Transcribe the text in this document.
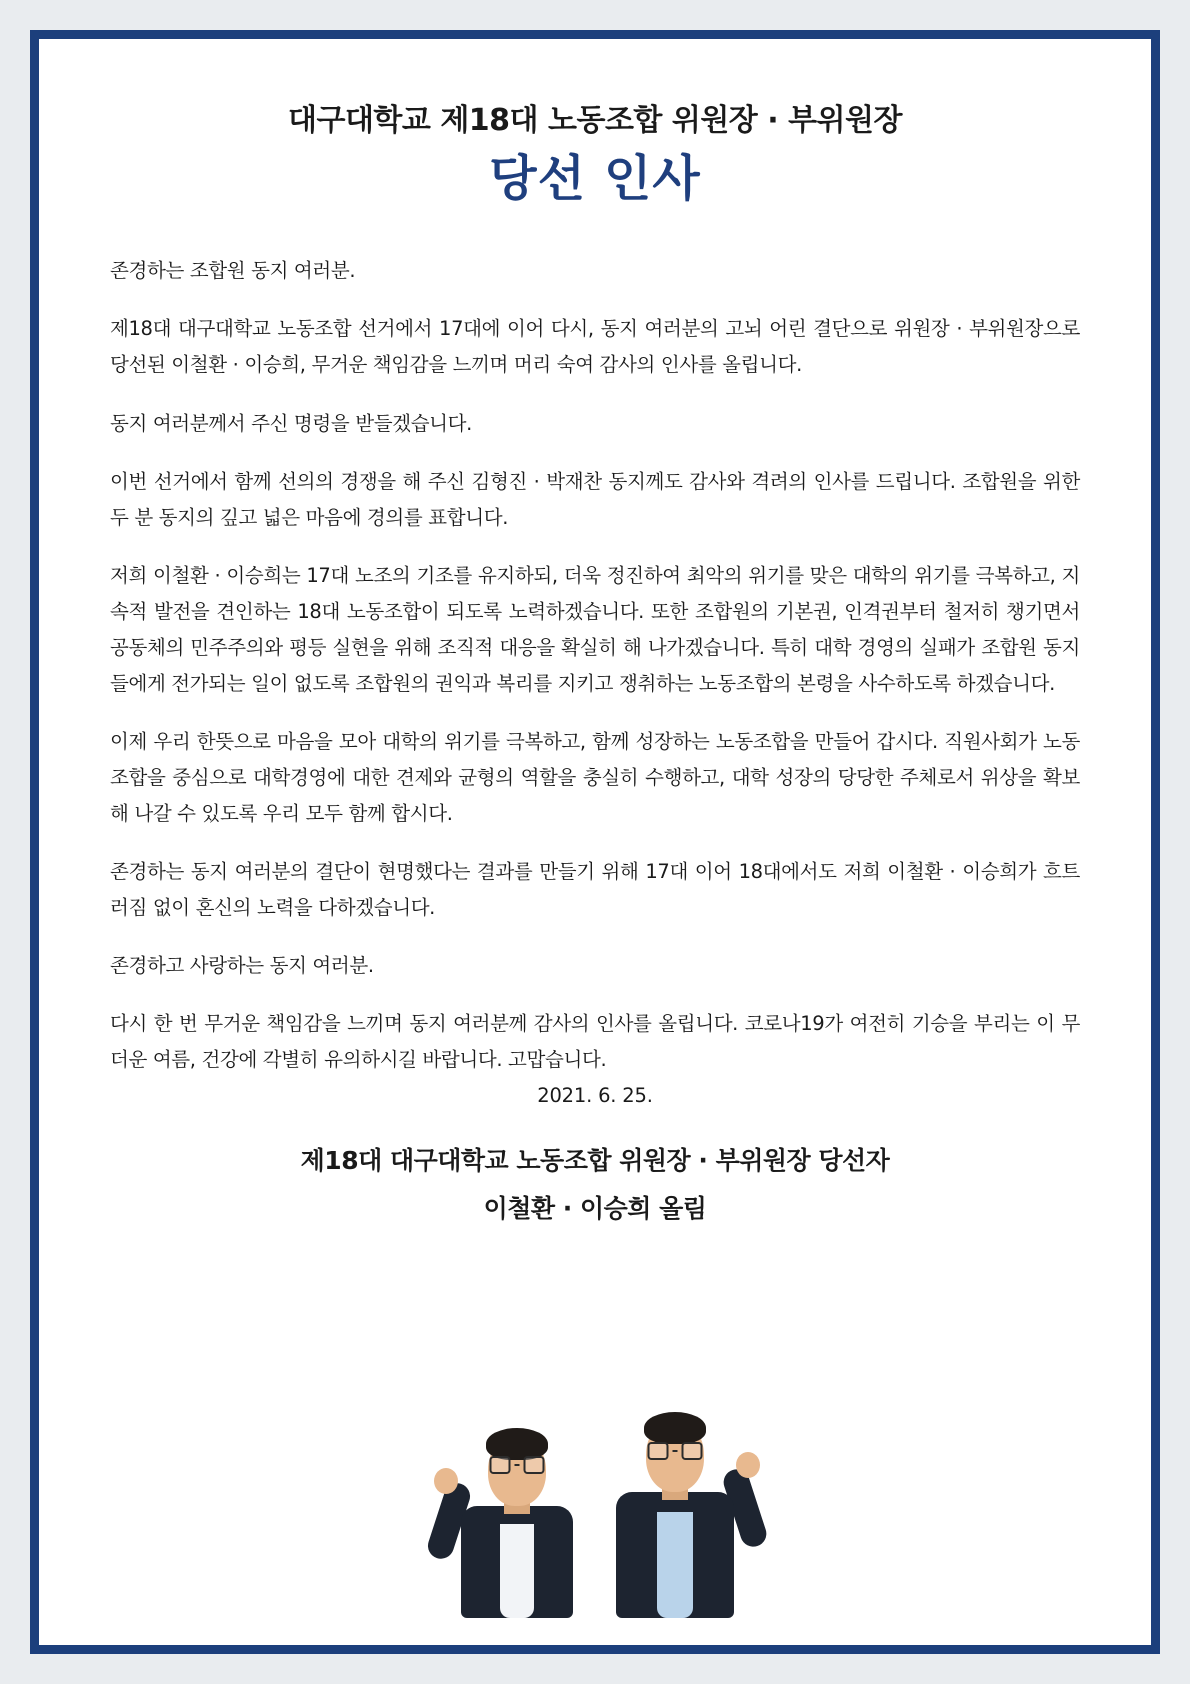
대구대학교 제18대 노동조합 위원장 · 부위원장
당선 인사

존경하는 조합원 동지 여러분.

제18대 대구대학교 노동조합 선거에서 17대에 이어 다시, 동지 여러분의 고뇌 어린 결단으로 위원장 · 부위원장으로 당선된 이철환 · 이승희, 무거운 책임감을 느끼며 머리 숙여 감사의 인사를 올립니다.

동지 여러분께서 주신 명령을 받들겠습니다.

이번 선거에서 함께 선의의 경쟁을 해 주신 김형진 · 박재찬 동지께도 감사와 격려의 인사를 드립니다. 조합원을 위한 두 분 동지의 깊고 넓은 마음에 경의를 표합니다.

저희 이철환 · 이승희는 17대 노조의 기조를 유지하되, 더욱 정진하여 최악의 위기를 맞은 대학의 위기를 극복하고, 지속적 발전을 견인하는 18대 노동조합이 되도록 노력하겠습니다. 또한 조합원의 기본권, 인격권부터 철저히 챙기면서 공동체의 민주주의와 평등 실현을 위해 조직적 대응을 확실히 해 나가겠습니다. 특히 대학 경영의 실패가 조합원 동지들에게 전가되는 일이 없도록 조합원의 권익과 복리를 지키고 쟁취하는 노동조합의 본령을 사수하도록 하겠습니다.

이제 우리 한뜻으로 마음을 모아 대학의 위기를 극복하고, 함께 성장하는 노동조합을 만들어 갑시다. 직원사회가 노동조합을 중심으로 대학경영에 대한 견제와 균형의 역할을 충실히 수행하고, 대학 성장의 당당한 주체로서 위상을 확보해 나갈 수 있도록 우리 모두 함께 합시다.

존경하는 동지 여러분의 결단이 현명했다는 결과를 만들기 위해 17대 이어 18대에서도 저희 이철환 · 이승희가 흐트러짐 없이 혼신의 노력을 다하겠습니다.

존경하고 사랑하는 동지 여러분.

다시 한 번 무거운 책임감을 느끼며 동지 여러분께 감사의 인사를 올립니다. 코로나19가 여전히 기승을 부리는 이 무더운 여름, 건강에 각별히 유의하시길 바랍니다. 고맙습니다.

2021. 6. 25.
제18대 대구대학교 노동조합 위원장 · 부위원장 당선자
이철환 · 이승희 올림
